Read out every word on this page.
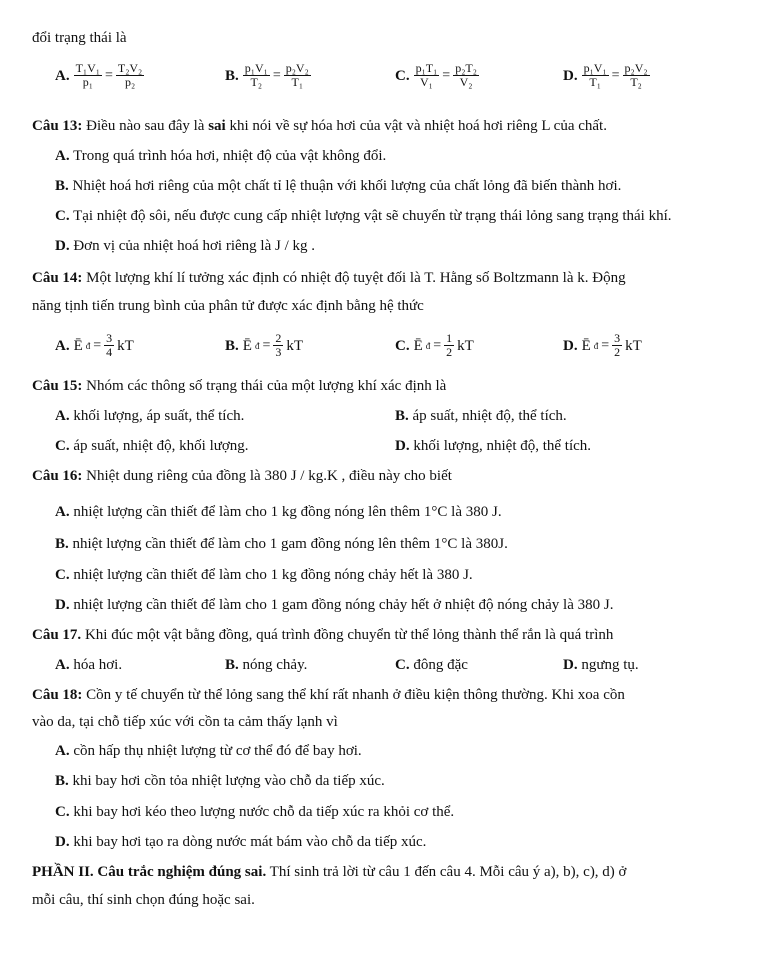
đổi trạng thái là
A. $\frac{\text{T₁V₁}}{\text{p₁}} = \frac{\text{T₂V₂}}{\text{p₂}}$	B. $\frac{\text{p₁V₁}}{\text{T₂}} = \frac{\text{p₂V₂}}{\text{T₁}}$	C. $\frac{\text{p₁T₁}}{\text{V₁}} = \frac{\text{p₂T₂}}{\text{V₂}}$	D. $\frac{\text{p₁V₁}}{\text{T₁}} = \frac{\text{p₂V₂}}{\text{T₂}}$
Câu 13: Điều nào sau đây là sai khi nói về sự hóa hơi của vật và nhiệt hoá hơi riêng L của chất.
A. Trong quá trình hóa hơi, nhiệt độ của vật không đổi.
B. Nhiệt hoá hơi riêng của một chất tỉ lệ thuận với khối lượng của chất lỏng đã biến thành hơi.
C. Tại nhiệt độ sôi, nếu được cung cấp nhiệt lượng vật sẽ chuyển từ trạng thái lỏng sang trạng thái khí.
D. Đơn vị của nhiệt hoá hơi riêng là J / kg .
Câu 14: Một lượng khí lí tưởng xác định có nhiệt độ tuyệt đối là T. Hằng số Boltzmann là k. Động
năng tịnh tiến trung bình của phân tử được xác định bằng hệ thức
A. Ē đ = $\frac{3}{4}$ kT	B. Ē đ = $\frac{2}{3}$ kT	C. Ē đ = $\frac{1}{2}$ kT	D. Ē đ = $\frac{3}{2}$ kT
Câu 15: Nhóm các thông số trạng thái của một lượng khí xác định là
A. khối lượng, áp suất, thể tích.	B. áp suất, nhiệt độ, thể tích.
C. áp suất, nhiệt độ, khối lượng.	D. khối lượng, nhiệt độ, thể tích.
Câu 16: Nhiệt dung riêng của đồng là 380 J / kg.K , điều này cho biết
A. nhiệt lượng cần thiết để làm cho 1 kg đồng nóng lên thêm 1°C là 380 J.
B. nhiệt lượng cần thiết để làm cho 1 gam đồng nóng lên thêm 1°C là 380J.
C. nhiệt lượng cần thiết để làm cho 1 kg đồng nóng chảy hết là 380 J.
D. nhiệt lượng cần thiết để làm cho 1 gam đồng nóng chảy hết ở nhiệt độ nóng chảy là 380 J.
Câu 17. Khi đúc một vật bằng đồng, quá trình đồng chuyển từ thể lỏng thành thể rắn là quá trình
A. hóa hơi.	B. nóng chảy.	C. đông đặc	D. ngưng tụ.
Câu 18: Cồn y tế chuyển từ thể lỏng sang thể khí rất nhanh ở điều kiện thông thường. Khi xoa cồn
vào da, tại chỗ tiếp xúc với cồn ta cảm thấy lạnh vì
A. cồn hấp thụ nhiệt lượng từ cơ thể đó để bay hơi.
B. khi bay hơi cồn tỏa nhiệt lượng vào chỗ da tiếp xúc.
C. khi bay hơi kéo theo lượng nước chỗ da tiếp xúc ra khỏi cơ thể.
D. khi bay hơi tạo ra dòng nước mát bám vào chỗ da tiếp xúc.
PHẦN II. Câu trắc nghiệm đúng sai. Thí sinh trả lời từ câu 1 đến câu 4. Mỗi câu ý a), b), c), d) ở
mỗi câu, thí sinh chọn đúng hoặc sai.
